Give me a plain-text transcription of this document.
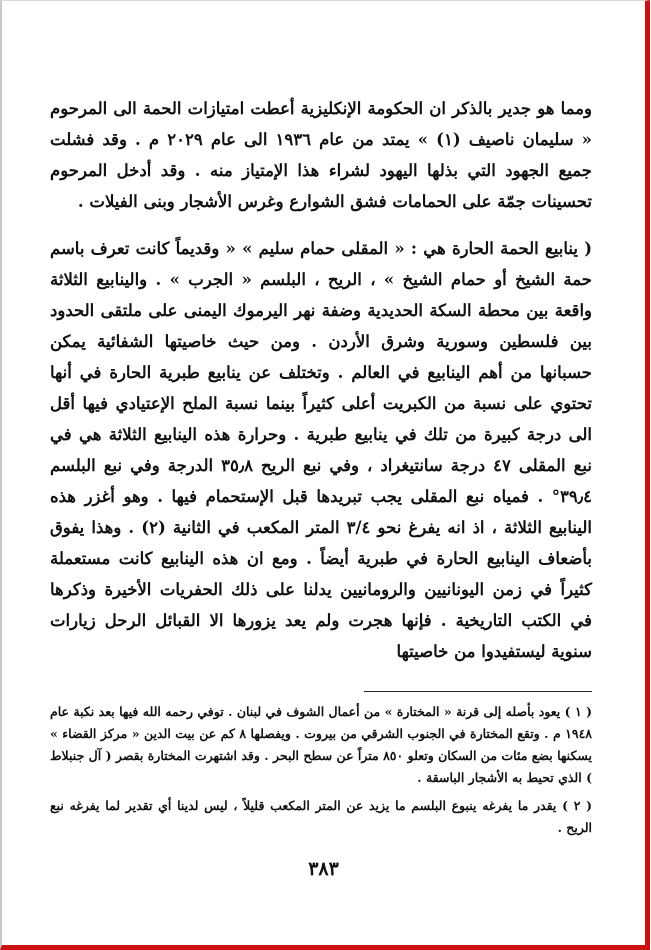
ومما هو جدير بالذكر ان الحكومة الإنكليزية أعطت امتيازات الحمة الى المرحوم « سليمان ناصيف (١) » يمتد من عام ١٩٣٦ الى عام ٢٠٢٩ م . وقد فشلت جميع الجهود التي بذلها اليهود لشراء هذا الإمتياز منه . وقد أدخل المرحوم تحسينات جمّة على الحمامات فشق الشوارع وغرس الأشجار وبنى الفيلات .

( ينابيع الحمة الحارة هي : « المقلى حمام سليم » « وقديماً كانت تعرف باسم حمة الشيخ أو حمام الشيخ » ، الريح ، البلسم « الجرب » . والينابيع الثلاثة واقعة بين محطة السكة الحديدية وضفة نهر اليرموك اليمنى على ملتقى الحدود بين فلسطين وسورية وشرق الأردن . ومن حيث خاصيتها الشفائية يمكن حسبانها من أهم الينابيع في العالم . وتختلف عن ينابيع طبرية الحارة في أنها تحتوي على نسبة من الكبريت أعلى كثيراً بينما نسبة الملح الإعتيادي فيها أقل الى درجة كبيرة من تلك في ينابيع طبرية . وحرارة هذه الينابيع الثلاثة هي في نبع المقلى ٤٧ درجة سانتيغراد ، وفي نبع الريح ٣٥٫٨ الدرجة وفي نبع البلسم ٣٩٫٤° . فمياه نبع المقلى يجب تبريدها قبل الإستحمام فيها . وهو أغزر هذه الينابيع الثلاثة ، اذ انه يفرغ نحو ٣/٤ المتر المكعب في الثانية (٢) . وهذا يفوق بأضعاف الينابيع الحارة في طبرية أيضاً . ومع ان هذه الينابيع كانت مستعملة كثيراً في زمن اليونانيين والرومانيين يدلنا على ذلك الحفريات الأخيرة وذكرها في الكتب التاريخية . فإنها هجرت ولم يعد يزورها الا القبائل الرحل زيارات سنوية ليستفيدوا من خاصيتها

( ١ ) يعود بأصله إلى قرنة « المختارة » من أعمال الشوف في لبنان . توفي رحمه الله فيها بعد نكبة عام ١٩٤٨ م . وتقع المختارة في الجنوب الشرقي من بيروت . ويفصلها ٨ كم عن بيت الدين « مركز القضاء » يسكنها بضع مئات من السكان وتعلو ٨٥٠ متراً عن سطح البحر . وقد اشتهرت المختارة بقصر ( آل جنبلاط ) الذي تحيط به الأشجار الباسقة .

( ٢ ) يقدر ما يفرغه ينبوع البلسم ما يزيد عن المتر المكعب قليلاً ، ليس لدينا أي تقدير لما يفرغه نبع الريح .

٣٨٣
